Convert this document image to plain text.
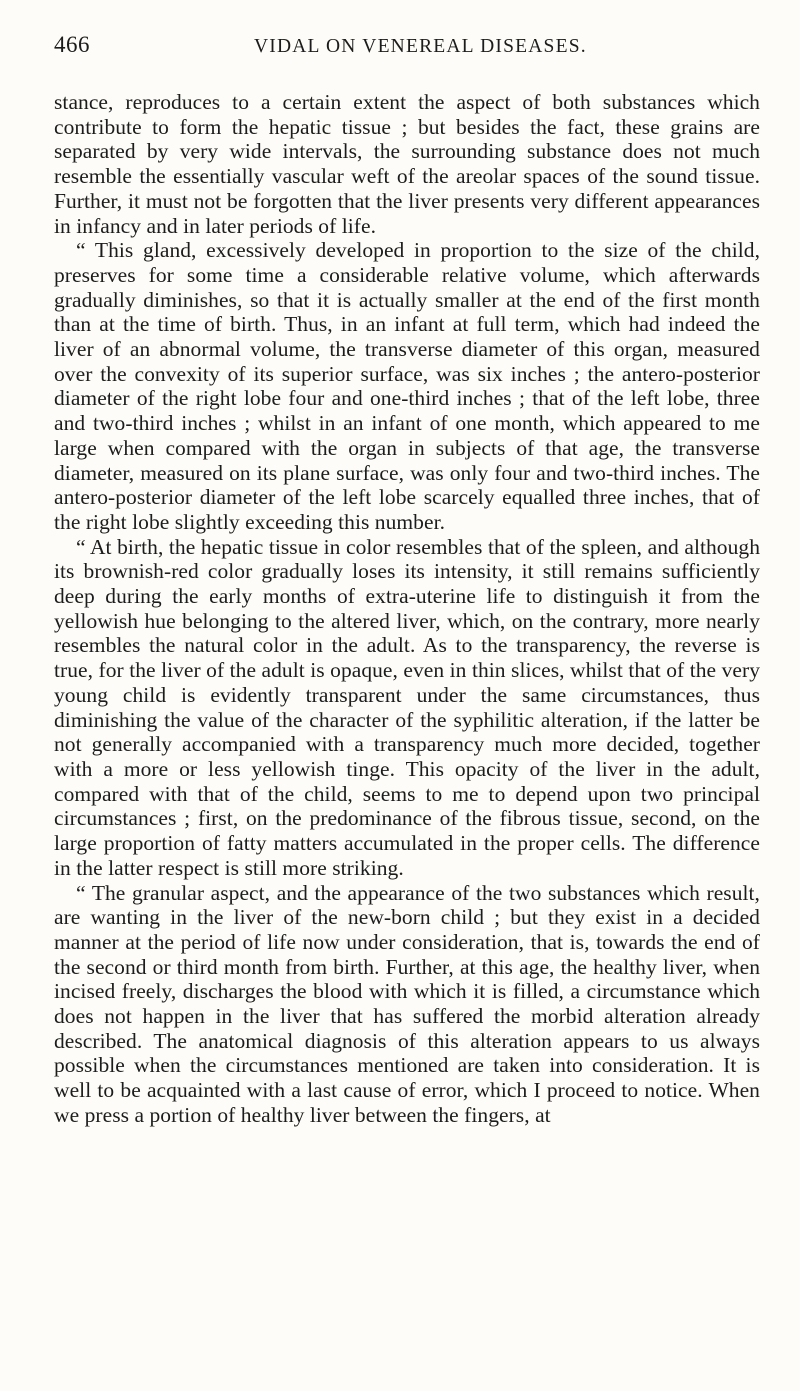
466	VIDAL ON VENEREAL DISEASES.

stance, reproduces to a certain extent the aspect of both substances which contribute to form the hepatic tissue ; but besides the fact, these grains are separated by very wide intervals, the surrounding substance does not much resemble the essentially vascular weft of the areolar spaces of the sound tissue. Further, it must not be forgotten that the liver presents very different appearances in infancy and in later periods of life.

“ This gland, excessively developed in proportion to the size of the child, preserves for some time a considerable relative volume, which afterwards gradually diminishes, so that it is actually smaller at the end of the first month than at the time of birth. Thus, in an infant at full term, which had indeed the liver of an abnormal volume, the transverse diameter of this organ, measured over the convexity of its superior surface, was six inches ; the antero-posterior diameter of the right lobe four and one-third inches ; that of the left lobe, three and two-third inches ; whilst in an infant of one month, which appeared to me large when compared with the organ in subjects of that age, the transverse diameter, measured on its plane surface, was only four and two-third inches. The antero-posterior diameter of the left lobe scarcely equalled three inches, that of the right lobe slightly exceeding this number.

“ At birth, the hepatic tissue in color resembles that of the spleen, and although its brownish-red color gradually loses its intensity, it still remains sufficiently deep during the early months of extra-uterine life to distinguish it from the yellowish hue belonging to the altered liver, which, on the contrary, more nearly resembles the natural color in the adult. As to the transparency, the reverse is true, for the liver of the adult is opaque, even in thin slices, whilst that of the very young child is evidently transparent under the same circumstances, thus diminishing the value of the character of the syphilitic alteration, if the latter be not generally accompanied with a transparency much more decided, together with a more or less yellowish tinge. This opacity of the liver in the adult, compared with that of the child, seems to me to depend upon two principal circumstances ; first, on the predominance of the fibrous tissue, second, on the large proportion of fatty matters accumulated in the proper cells. The difference in the latter respect is still more striking.

“ The granular aspect, and the appearance of the two substances which result, are wanting in the liver of the new-born child ; but they exist in a decided manner at the period of life now under consideration, that is, towards the end of the second or third month from birth. Further, at this age, the healthy liver, when incised freely, discharges the blood with which it is filled, a circumstance which does not happen in the liver that has suffered the morbid alteration already described. The anatomical diagnosis of this alteration appears to us always possible when the circumstances mentioned are taken into consideration. It is well to be acquainted with a last cause of error, which I proceed to notice. When we press a portion of healthy liver between the fingers, at
